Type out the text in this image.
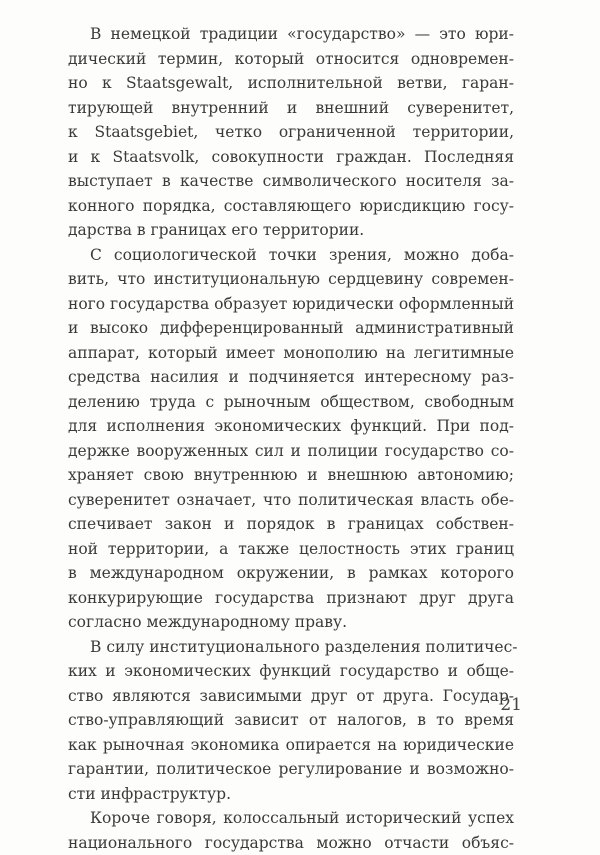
В немецкой традиции «государство» — это юри-
дический термин, который относится одновремен-
но к Staatsgewalt, исполнительной ветви, гаран-
тирующей внутренний и внешний суверенитет,
к Staatsgebiet, четко ограниченной территории,
и к Staatsvolk, совокупности граждан. Последняя
выступает в качестве символического носителя за-
конного порядка, составляющего юрисдикцию госу-
дарства в границах его территории.
С социологической точки зрения, можно доба-
вить, что институциональную сердцевину современ-
ного государства образует юридически оформленный
и высоко дифференцированный административный
аппарат, который имеет монополию на легитимные
средства насилия и подчиняется интересному раз-
делению труда с рыночным обществом, свободным
для исполнения экономических функций. При под-
держке вооруженных сил и полиции государство со-
храняет свою внутреннюю и внешнюю автономию;
суверенитет означает, что политическая власть обе-
спечивает закон и порядок в границах собствен-
ной территории, а также целостность этих границ
в международном окружении, в рамках которого
конкурирующие государства признают друг друга
согласно международному праву.
В силу институционального разделения политичес-
ких и экономических функций государство и обще-
ство являются зависимыми друг от друга. Государ-
ство-управляющий зависит от налогов, в то время
как рыночная экономика опирается на юридические
гарантии, политическое регулирование и возможно-
сти инфраструктур.
Короче говоря, колоссальный исторический успех
национального государства можно отчасти объяс-
21
